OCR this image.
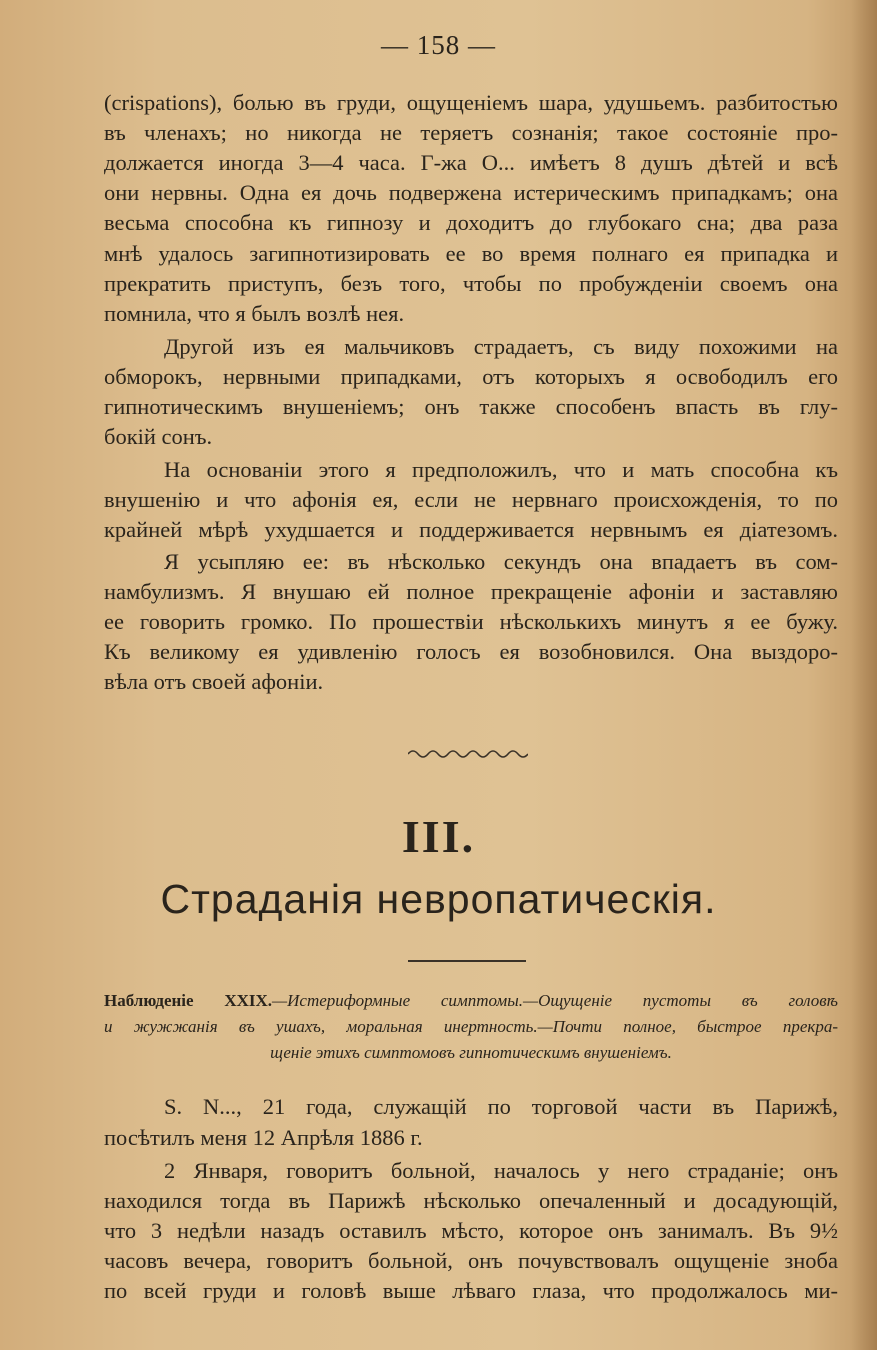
— 158 —
(crispations), болью въ груди, ощущеніемъ шара, удушьемъ. разбитостью
въ членахъ; но никогда не теряетъ сознанія; такое состояніе про-
должается иногда 3—4 часа. Г-жа О... имѣетъ 8 душъ дѣтей и всѣ
они нервны. Одна ея дочь подвержена истерическимъ припадкамъ; она
весьма способна къ гипнозу и доходитъ до глубокаго сна; два раза
мнѣ удалось загипнотизировать ее во время полнаго ея припадка и
прекратить приступъ, безъ того, чтобы по пробужденіи своемъ она
помнила, что я былъ возлѣ нея.
Другой изъ ея мальчиковъ страдаетъ, съ виду похожими на
обморокъ, нервными припадками, отъ которыхъ я освободилъ его
гипнотическимъ внушеніемъ; онъ также способенъ впасть въ глу-
бокій сонъ.
На основаніи этого я предположилъ, что и мать способна къ
внушенію и что афонія ея, если не нервнаго происхожденія, то по
крайней мѣрѣ ухудшается и поддерживается нервнымъ ея діатезомъ.
Я усыпляю ее: въ нѣсколько секундъ она впадаетъ въ сом-
намбулизмъ. Я внушаю ей полное прекращеніе афоніи и заставляю
ее говорить громко. По прошествіи нѣсколькихъ минутъ я ее бужу.
Къ великому ея удивленію голосъ ея возобновился. Она выздоро-
вѣла отъ своей афоніи.
III.
Страданія невропатическія.
Наблюденіе XXIX.—Истериформные симптомы.—Ощущеніе пустоты въ головѣ
и жужжанія въ ушахъ, моральная инертность.—Почти полное, быстрое прекра-
щеніе этихъ симптомовъ гипнотическимъ внушеніемъ.
S. N..., 21 года, служащій по торговой части въ Парижѣ,
посѣтилъ меня 12 Апрѣля 1886 г.
2 Января, говоритъ больной, началось у него страданіе; онъ
находился тогда въ Парижѣ нѣсколько опечаленный и досадующій,
что 3 недѣли назадъ оставилъ мѣсто, которое онъ занималъ. Въ 9½
часовъ вечера, говоритъ больной, онъ почувствовалъ ощущеніе зноба
по всей груди и головѣ выше лѣваго глаза, что продолжалось ми-
